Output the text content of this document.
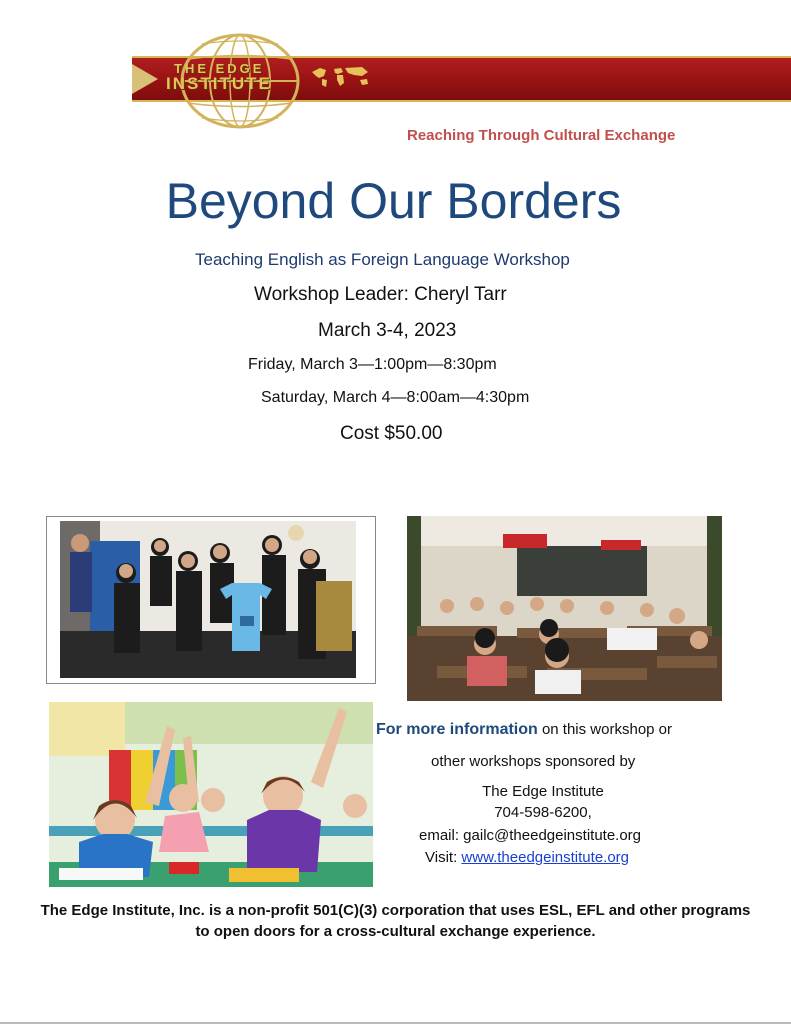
THE EDGE
INSTITUTE
Reaching Through Cultural Exchange
Beyond Our Borders
Teaching English as Foreign Language Workshop
Workshop Leader: Cheryl Tarr
March 3-4, 2023
Friday, March 3—1:00pm—8:30pm
Saturday, March 4—8:00am—4:30pm
Cost $50.00
For more information on this workshop or
other workshops sponsored by
The Edge Institute
704-598-6200,
email: gailc@theedgeinstitute.org
Visit: www.theedgeinstitute.org
The Edge Institute, Inc. is a non-profit 501(C)(3) corporation that uses ESL, EFL and other programs to open doors for a cross-cultural exchange experience.
